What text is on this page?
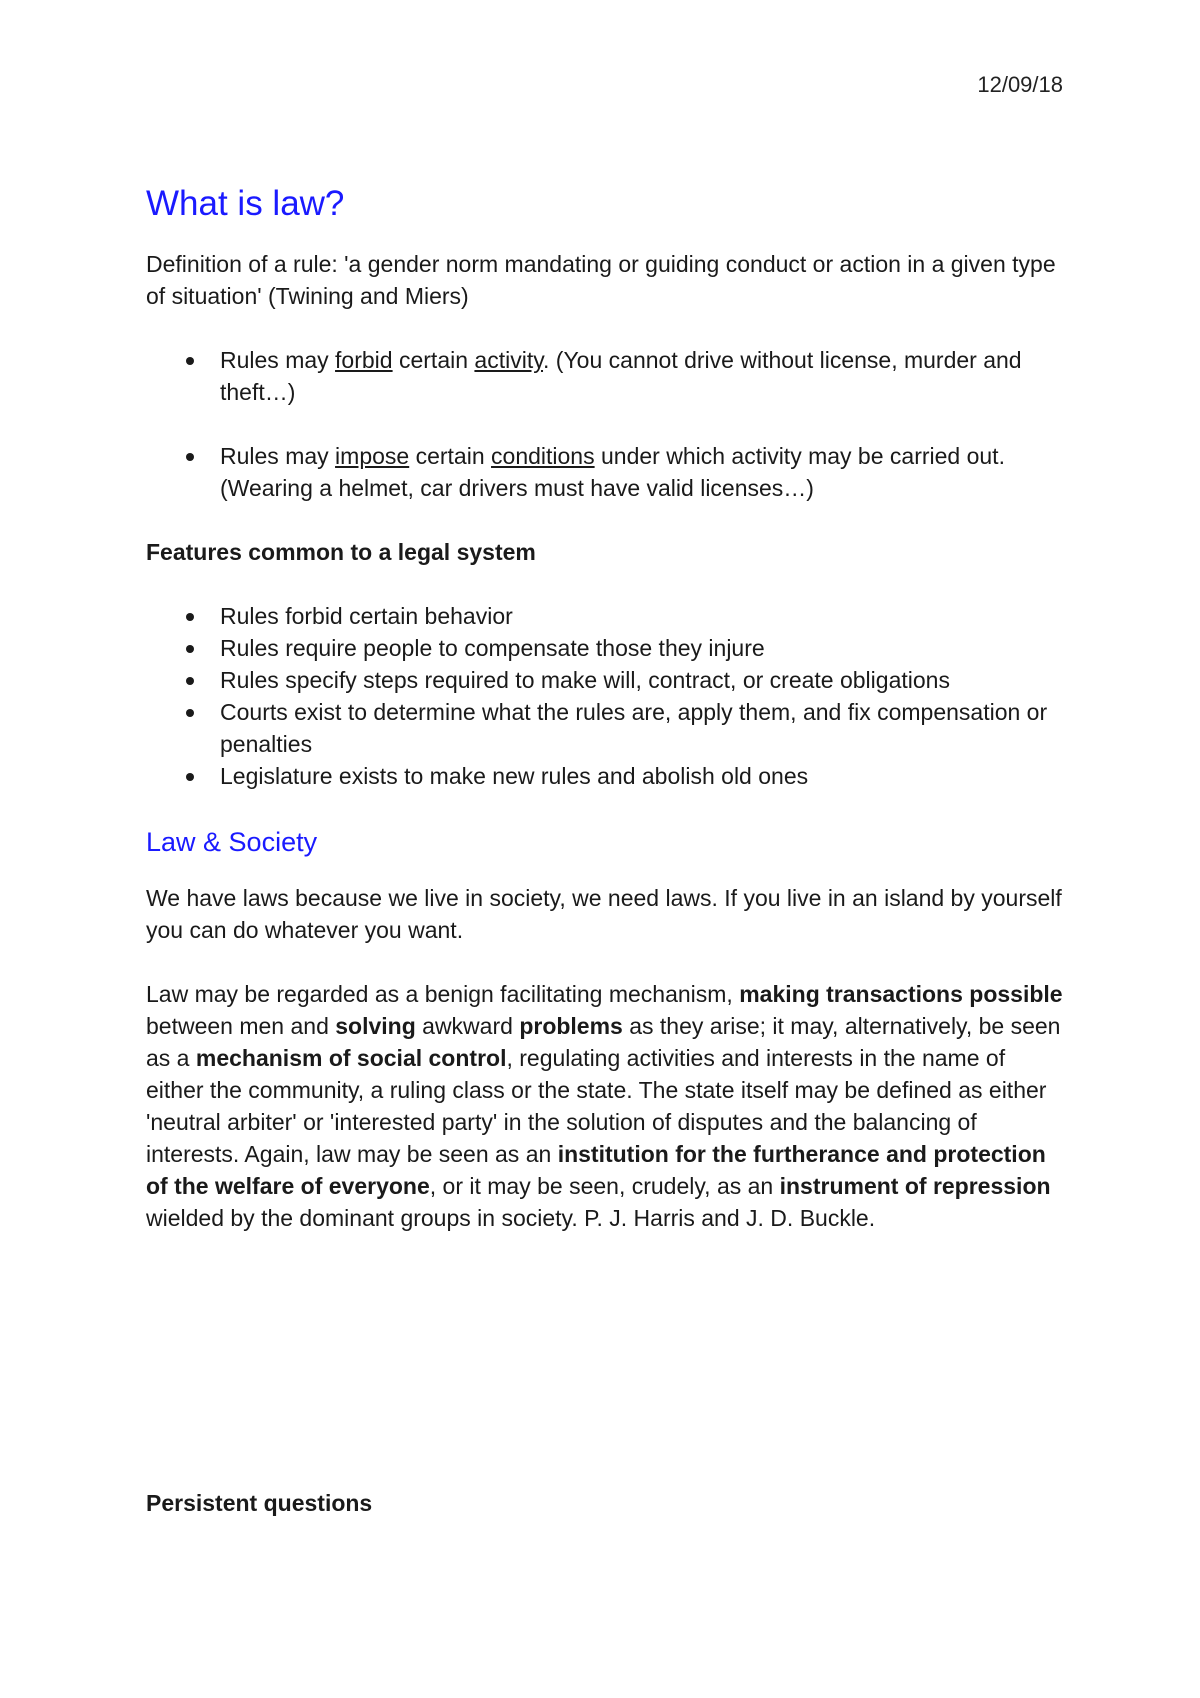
12/09/18
What is law?

Definition of a rule: 'a gender norm mandating or guiding conduct or action in a given type of situation' (Twining and Miers)

Rules may forbid certain activity. (You cannot drive without license, murder and theft…)
Rules may impose certain conditions under which activity may be carried out. (Wearing a helmet, car drivers must have valid licenses…)
Features common to a legal system
Rules forbid certain behavior
Rules require people to compensate those they injure
Rules specify steps required to make will, contract, or create obligations
Courts exist to determine what the rules are, apply them, and fix compensation or penalties
Legislature exists to make new rules and abolish old ones
Law & Society

We have laws because we live in society, we need laws. If you live in an island by yourself you can do whatever you want.

Law may be regarded as a benign facilitating mechanism, making transactions possible between men and solving awkward problems as they arise; it may, alternatively, be seen as a mechanism of social control, regulating activities and interests in the name of either the community, a ruling class or the state. The state itself may be defined as either 'neutral arbiter' or 'interested party' in the solution of disputes and the balancing of interests. Again, law may be seen as an institution for the furtherance and protection of the welfare of everyone, or it may be seen, crudely, as an instrument of repression wielded by the dominant groups in society. P. J. Harris and J. D. Buckle.

Persistent questions
